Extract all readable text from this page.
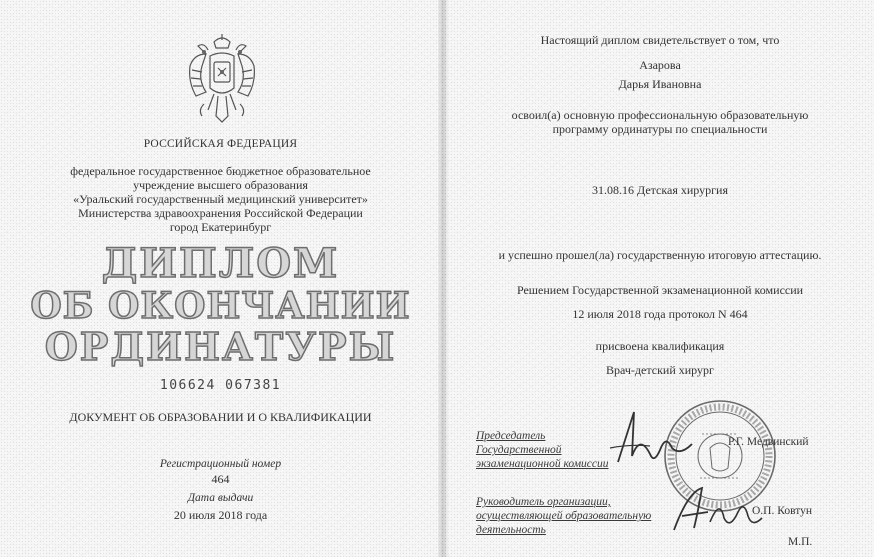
РОССИЙСКАЯ ФЕДЕРАЦИЯ
федеральное государственное бюджетное образовательное
учреждение высшего образования
«Уральский государственный медицинский университет»
Министерства здравоохранения Российской Федерации
город Екатеринбург
ДИПЛОМ
ОБ ОКОНЧАНИИ
ОРДИНАТУРЫ
106624 067381
ДОКУМЕНТ ОБ ОБРАЗОВАНИИ И О КВАЛИФИКАЦИИ
Регистрационный номер
464
Дата выдачи
20 июля 2018 года
Настоящий диплом свидетельствует о том, что
Азарова
Дарья Ивановна
освоил(а) основную профессиональную образовательную
программу ординатуры по специальности
31.08.16 Детская хирургия
и успешно прошел(ла) государственную итоговую аттестацию.
Решением Государственной экзаменационной комиссии
12 июля 2018 года протокол N 464
присвоена квалификация
Врач-детский хирург
Председатель
Государственной
экзаменационной комиссии
Р.Г. Медвинский
Руководитель организации,
осуществляющей образовательную
деятельность
О.П. Ковтун
М.П.
